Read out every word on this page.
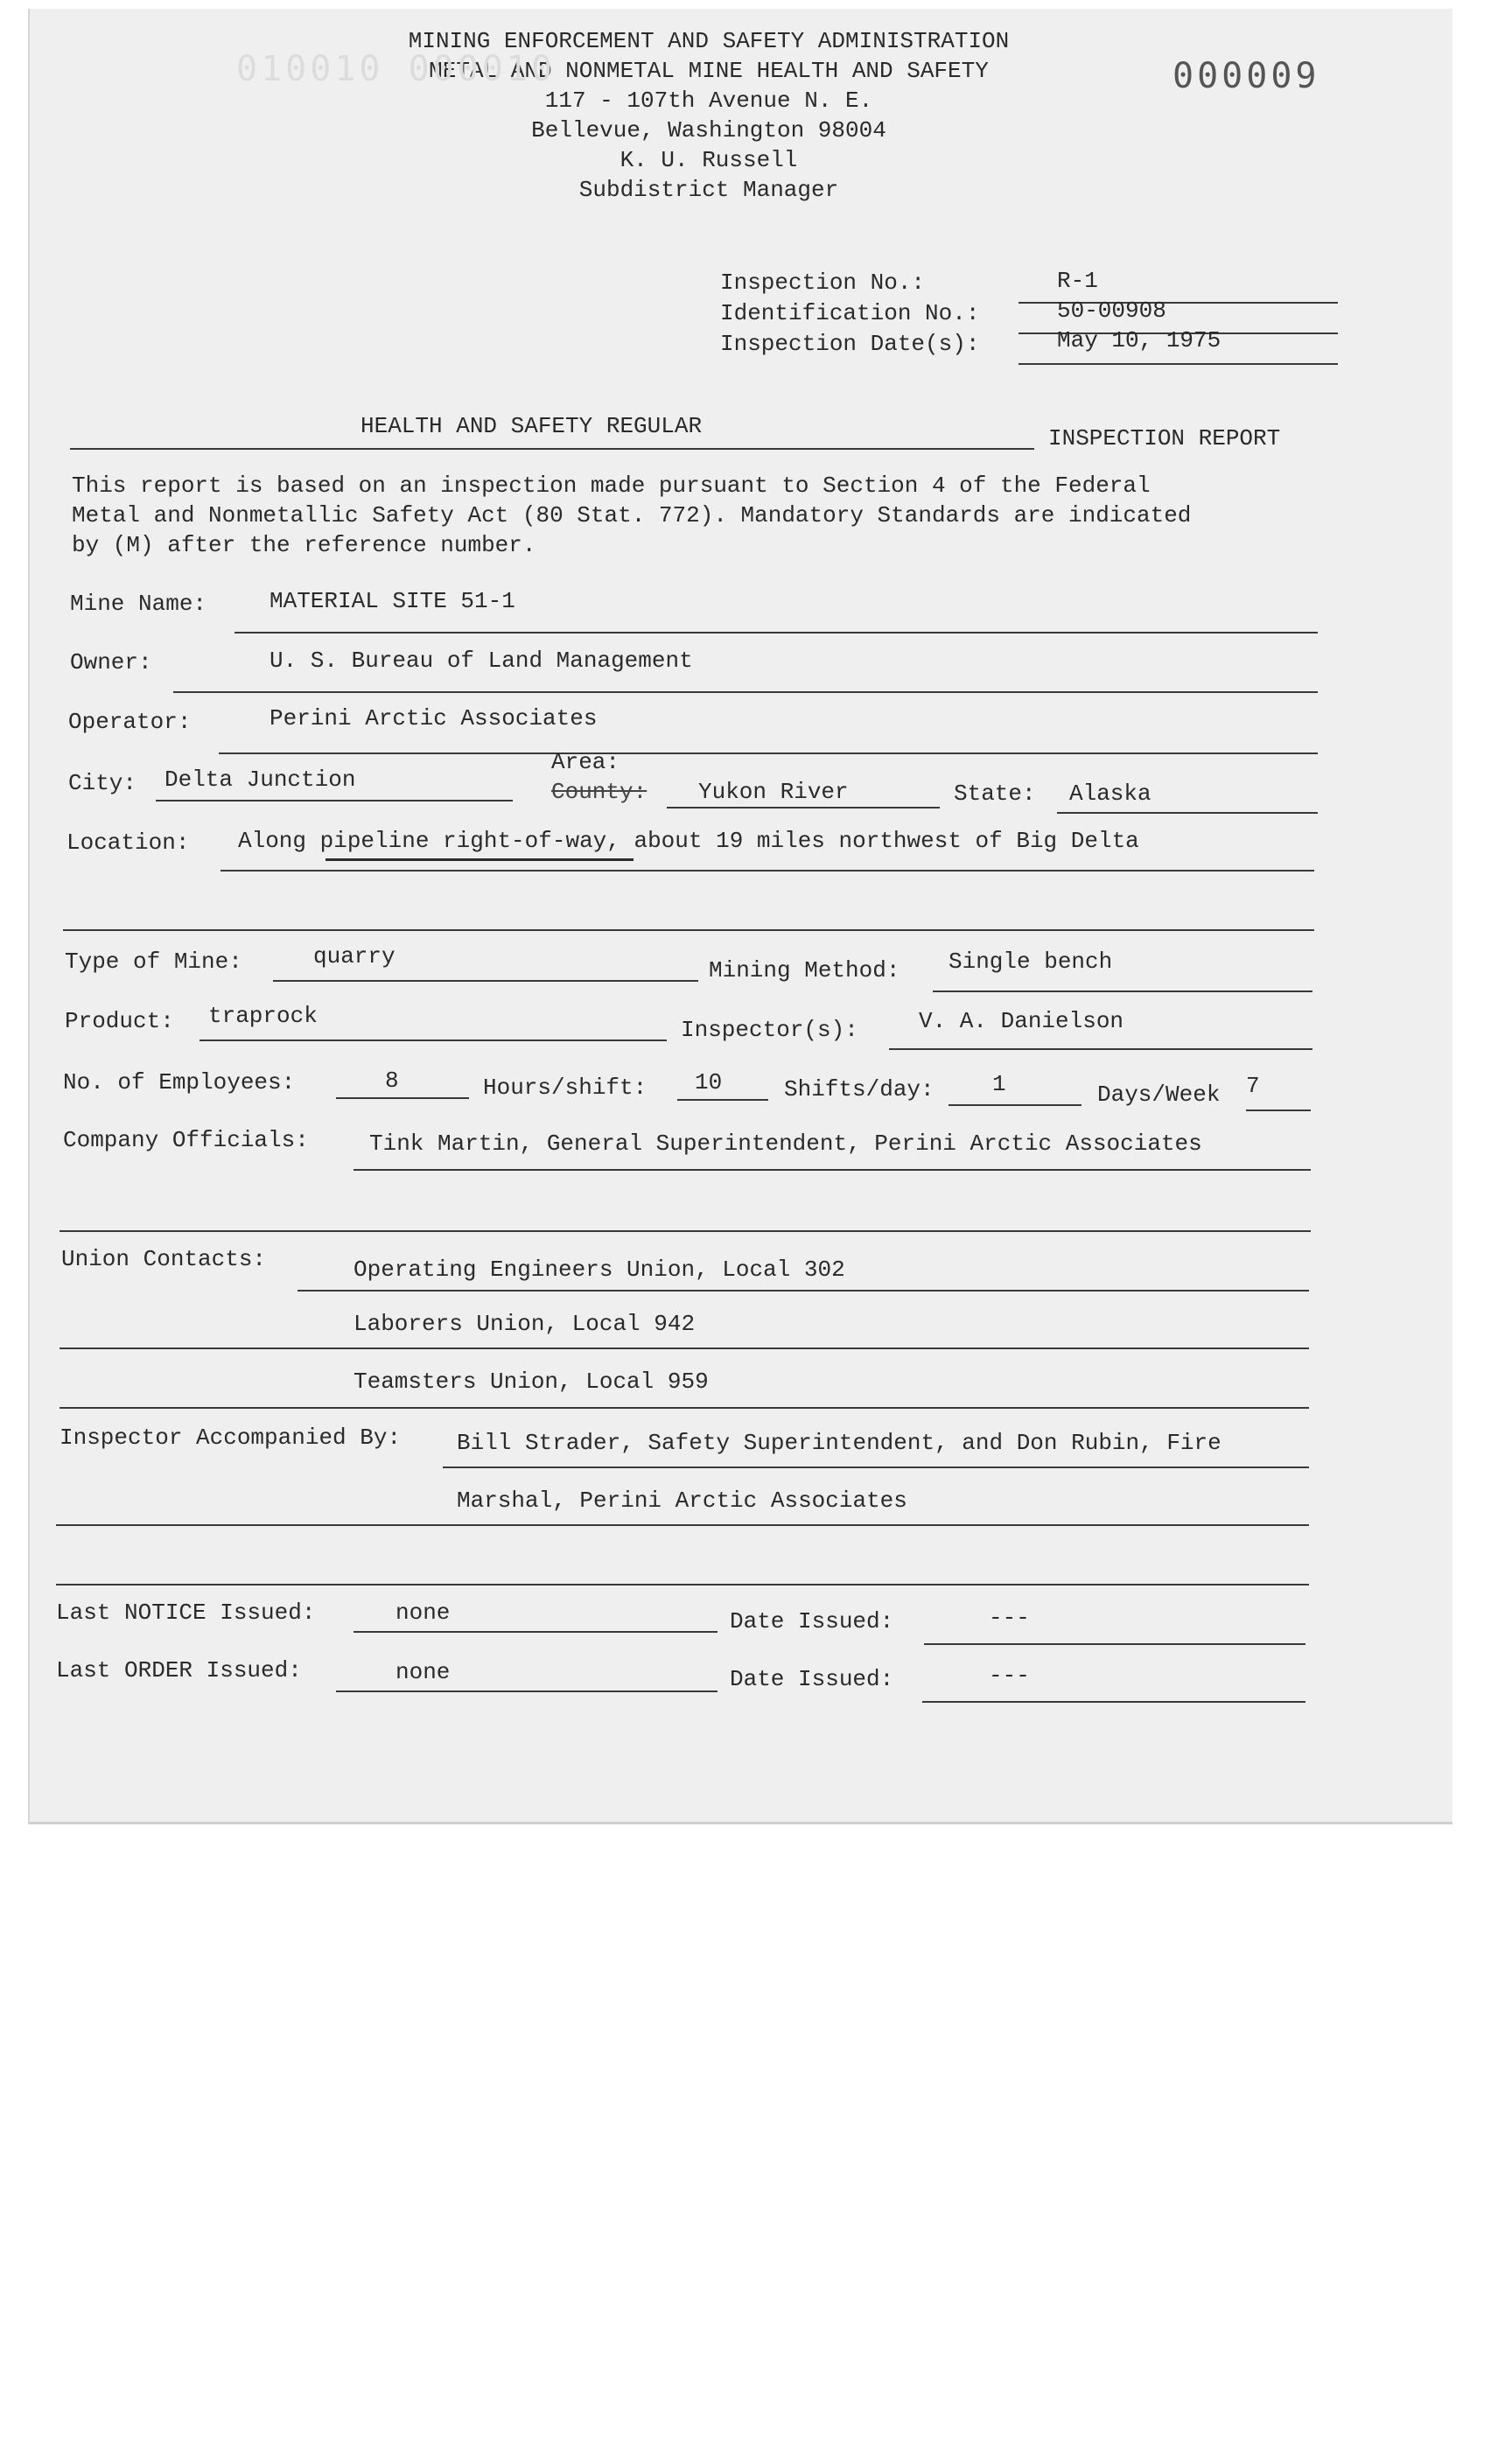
MINING ENFORCEMENT AND SAFETY ADMINISTRATION
METAL AND NONMETAL MINE HEALTH AND SAFETY
117 - 107th Avenue N. E.
Bellevue, Washington 98004
K. U. Russell
Subdistrict Manager
000009
010010 000010
Inspection No.:	R-1
Identification No.:	50-00908
Inspection Date(s):	May 10, 1975
HEALTH AND SAFETY REGULAR	INSPECTION REPORT
This report is based on an inspection made pursuant to Section 4 of the Federal
Metal and Nonmetallic Safety Act (80 Stat. 772). Mandatory Standards are indicated
by (M) after the reference number.
Mine Name:	MATERIAL SITE 51-1
Owner:	U. S. Bureau of Land Management
Operator:	Perini Arctic Associates
City: Delta Junction
Area:
County: Yukon River	State: Alaska
Location: Along pipeline right-of-way, about 19 miles northwest of Big Delta
Type of Mine:	quarry
Mining Method: Single bench
Product: traprock
Inspector(s):	V. A. Danielson
No. of Employees:	8	Hours/shift: 10	Shifts/day:	1	Days/Week 7
Company Officials:	Tink Martin, General Superintendent, Perini Arctic Associates
Union Contacts:	Operating Engineers Union, Local 302
Laborers Union, Local 942
Teamsters Union, Local 959
Inspector Accompanied By: Bill Strader, Safety Superintendent, and Don Rubin, Fire
Marshal, Perini Arctic Associates
Last NOTICE Issued:	none	Date Issued:	---
Last ORDER Issued:	none	Date Issued:	---
